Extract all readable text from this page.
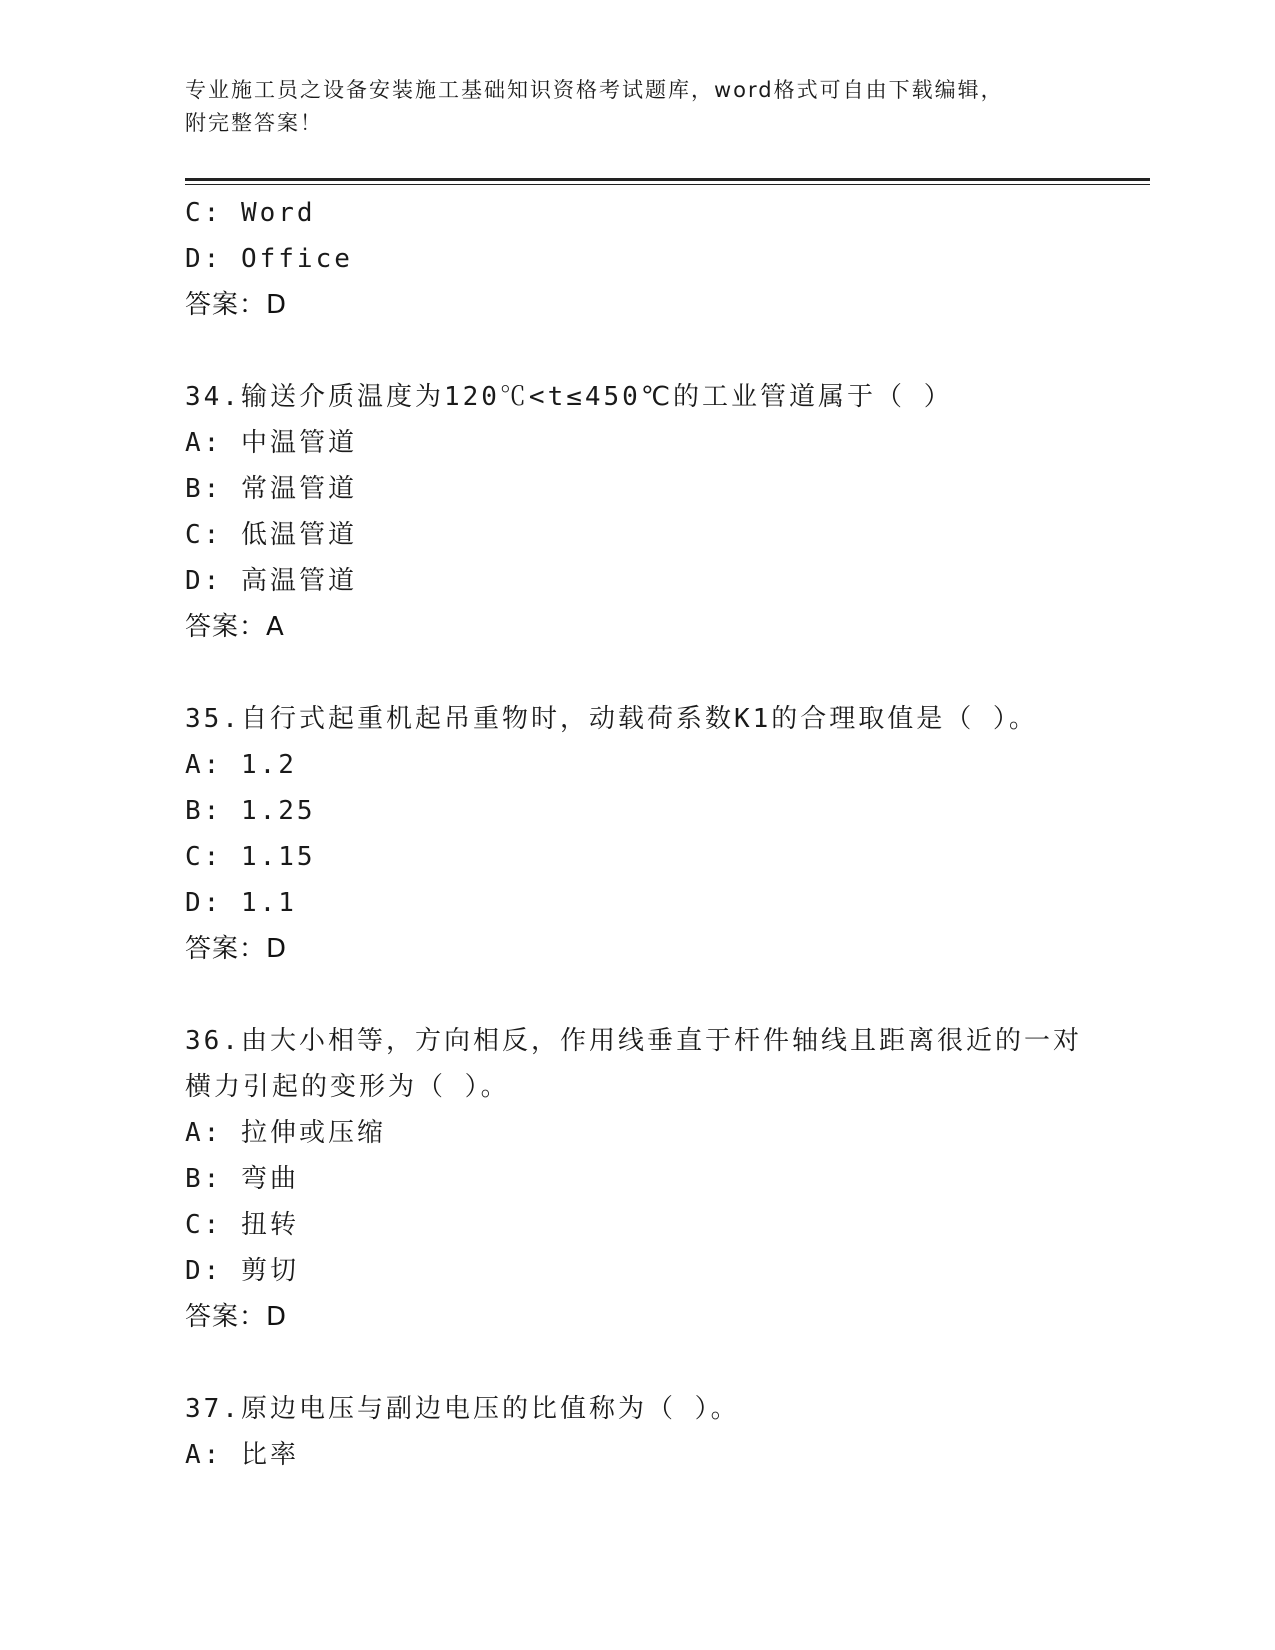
专业施工员之设备安装施工基础知识资格考试题库，word格式可自由下载编辑，
附完整答案！
C: Word
D: Office
答案：D
34.输送介质温度为120℃<t≤450℃的工业管道属于（ ）
A: 中温管道
B: 常温管道
C: 低温管道
D: 高温管道
答案：A
35.自行式起重机起吊重物时，动载荷系数K1的合理取值是（ ）。
A: 1.2
B: 1.25
C: 1.15
D: 1.1
答案：D
36.由大小相等，方向相反，作用线垂直于杆件轴线且距离很近的一对
横力引起的变形为（ ）。
A: 拉伸或压缩
B: 弯曲
C: 扭转
D: 剪切
答案：D
37.原边电压与副边电压的比值称为（ ）。
A: 比率
